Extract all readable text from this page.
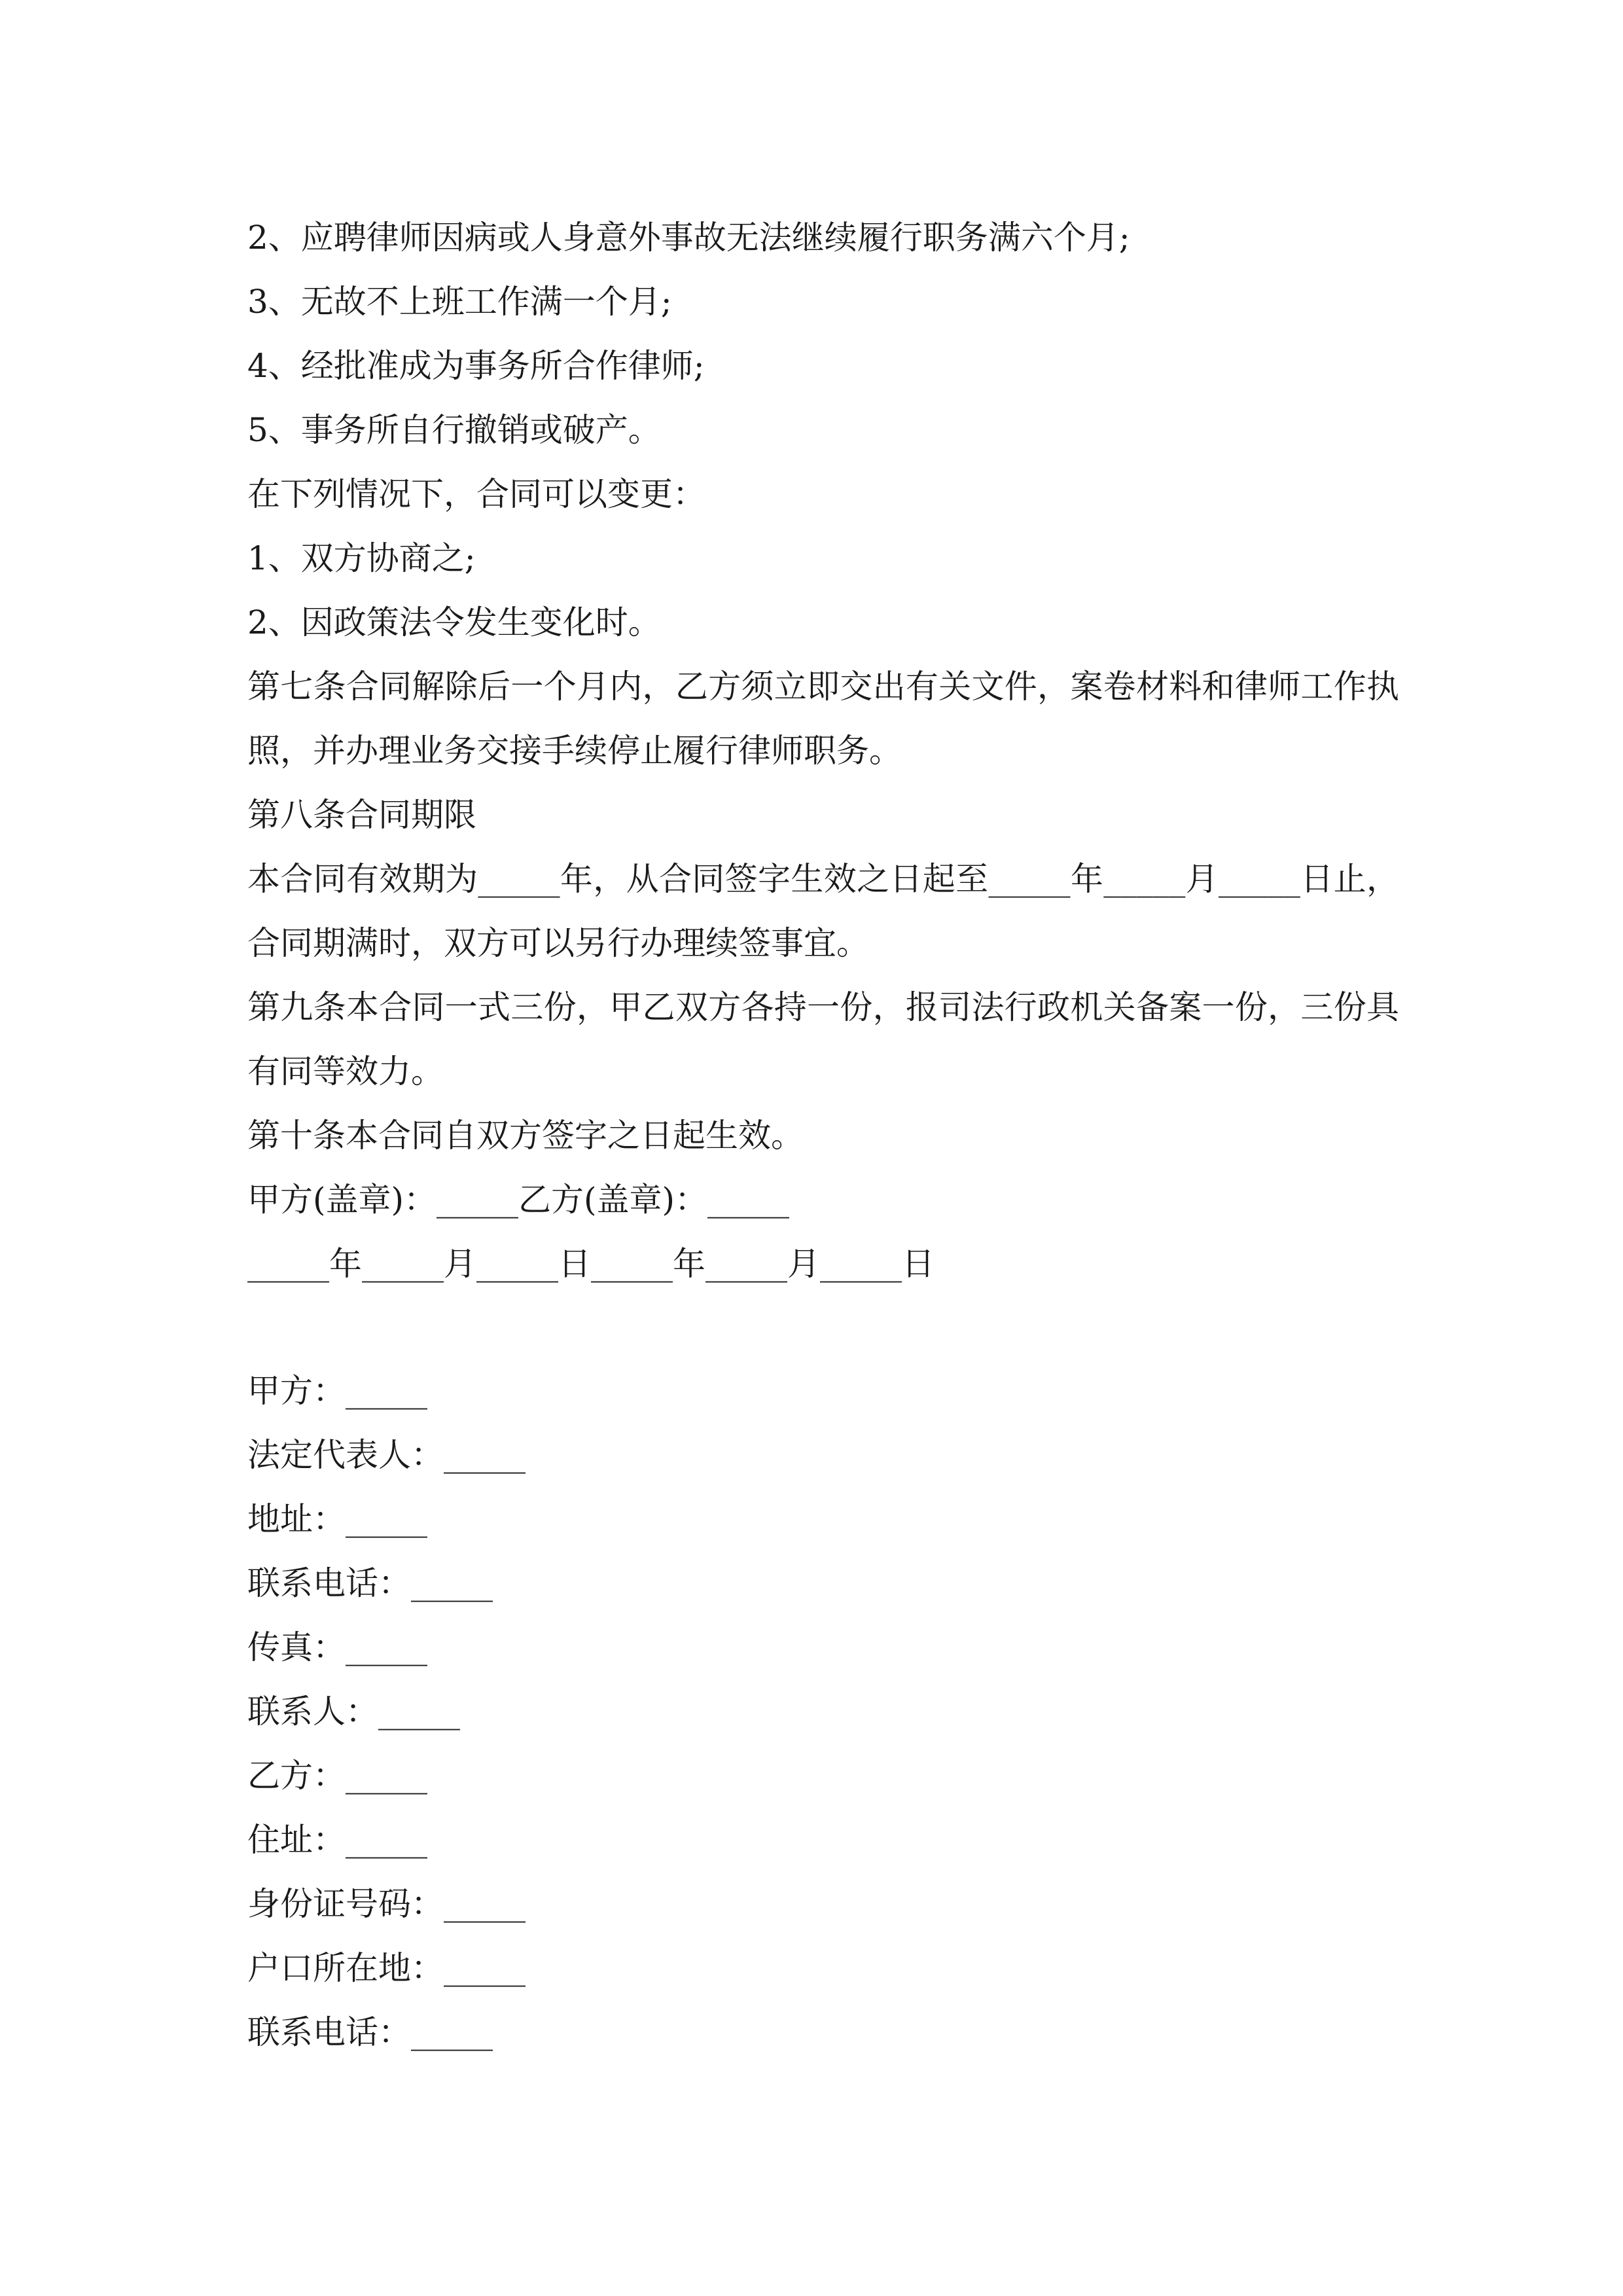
2、应聘律师因病或人身意外事故无法继续履行职务满六个月;

3、无故不上班工作满一个月;

4、经批准成为事务所合作律师;

5、事务所自行撤销或破产。

在下列情况下，合同可以变更：

1、双方协商之;

2、因政策法令发生变化时。

第七条合同解除后一个月内，乙方须立即交出有关文件，案卷材料和律师工作执

照，并办理业务交接手续停止履行律师职务。

第八条合同期限

本合同有效期为_____年，从合同签字生效之日起至_____年_____月_____日止，

合同期满时，双方可以另行办理续签事宜。

第九条本合同一式三份，甲乙双方各持一份，报司法行政机关备案一份，三份具

有同等效力。

第十条本合同自双方签字之日起生效。

甲方(盖章)：_____乙方(盖章)：_____

_____年_____月_____日_____年_____月_____日

甲方：_____

法定代表人：_____

地址：_____

联系电话：_____

传真：_____

联系人：_____

乙方：_____

住址：_____

身份证号码：_____

户口所在地：_____

联系电话：_____
